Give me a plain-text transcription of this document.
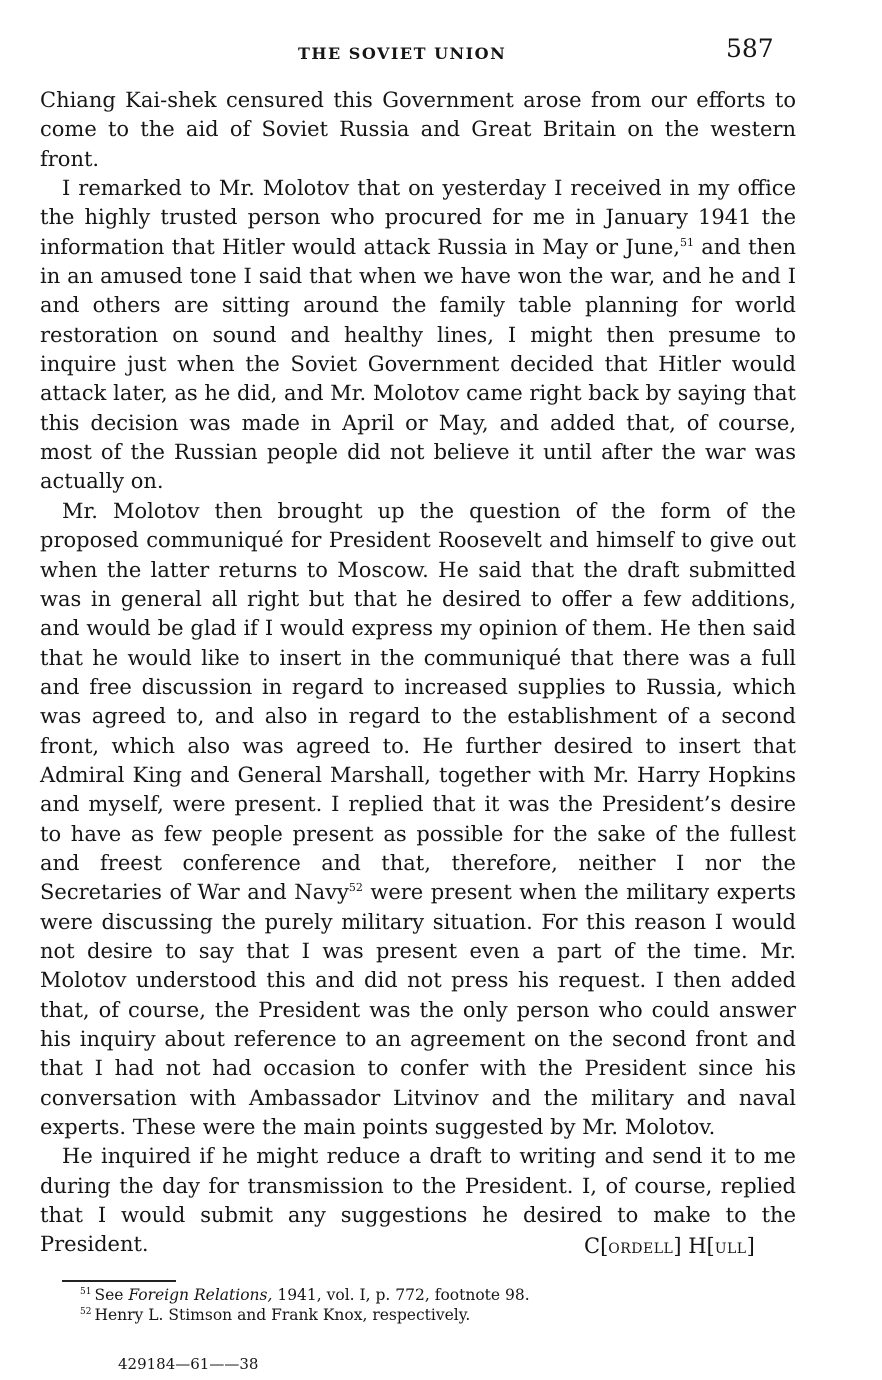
THE SOVIET UNION	587

Chiang Kai-shek censured this Government arose from our efforts to come to the aid of Soviet Russia and Great Britain on the western front.

I remarked to Mr. Molotov that on yesterday I received in my office the highly trusted person who procured for me in January 1941 the information that Hitler would attack Russia in May or June,$^{51}$ and then in an amused tone I said that when we have won the war, and he and I and others are sitting around the family table planning for world restoration on sound and healthy lines, I might then presume to inquire just when the Soviet Government decided that Hitler would attack later, as he did, and Mr. Molotov came right back by saying that this decision was made in April or May, and added that, of course, most of the Russian people did not believe it until after the war was actually on.

Mr. Molotov then brought up the question of the form of the proposed communiqué for President Roosevelt and himself to give out when the latter returns to Moscow. He said that the draft submitted was in general all right but that he desired to offer a few additions, and would be glad if I would express my opinion of them. He then said that he would like to insert in the communiqué that there was a full and free discussion in regard to increased supplies to Russia, which was agreed to, and also in regard to the establishment of a second front, which also was agreed to. He further desired to insert that Admiral King and General Marshall, together with Mr. Harry Hopkins and myself, were present. I replied that it was the President’s desire to have as few people present as possible for the sake of the fullest and freest conference and that, therefore, neither I nor the Secretaries of War and Navy$^{52}$ were present when the military experts were discussing the purely military situation. For this reason I would not desire to say that I was present even a part of the time. Mr. Molotov understood this and did not press his request. I then added that, of course, the President was the only person who could answer his inquiry about reference to an agreement on the second front and that I had not had occasion to confer with the President since his conversation with Ambassador Litvinov and the military and naval experts. These were the main points suggested by Mr. Molotov.

He inquired if he might reduce a draft to writing and send it to me during the day for transmission to the President. I, of course, replied that I would submit any suggestions he desired to make to the President.	C[ORDELL] H[ULL]
$^{51}$ See Foreign Relations, 1941, vol. I, p. 772, footnote 98.
$^{52}$ Henry L. Stimson and Frank Knox, respectively.
429184—61——38
